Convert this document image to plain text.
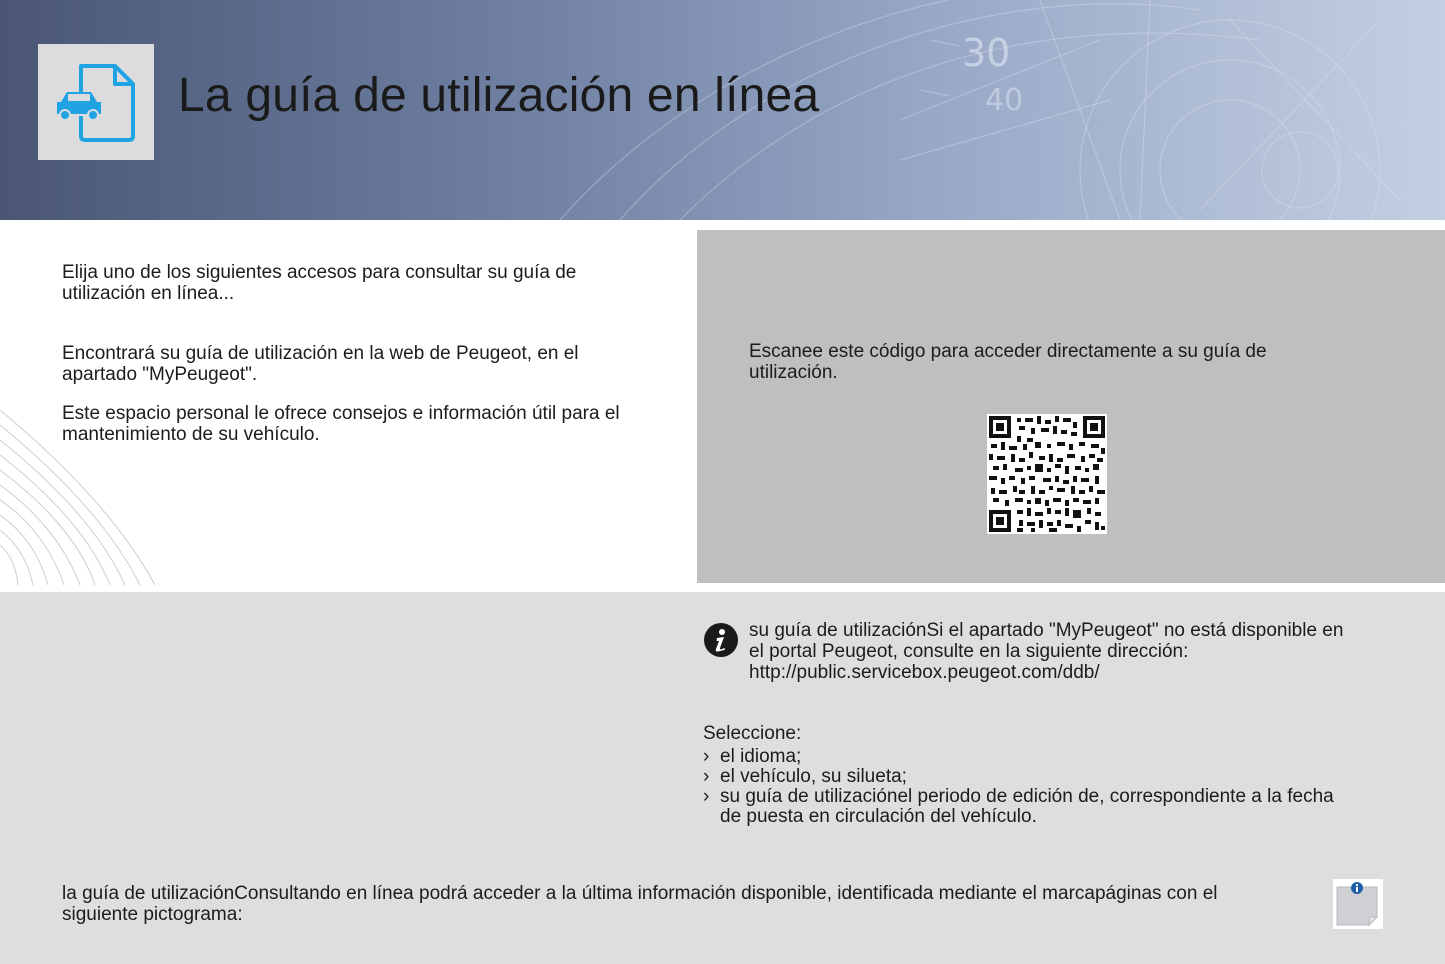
30
40
La guía de utilización en línea
Elija uno de los siguientes accesos para consultar su guía de utilización en línea...
Encontrará su guía de utilización en la web de Peugeot, en el apartado "MyPeugeot".
Este espacio personal le ofrece consejos e información útil para el mantenimiento de su vehículo.
Escanee este código para acceder directamente a su guía de utilización.
su guía de utilizaciónSi el apartado "MyPeugeot" no está disponible en el portal Peugeot, consulte en la siguiente dirección:
http://public.servicebox.peugeot.com/ddb/
Seleccione:
› el idioma;
› el vehículo, su silueta;
› su guía de utilizaciónel periodo de edición de, correspondiente a la fecha de puesta en circulación del vehículo.
la guía de utilizaciónConsultando en línea podrá acceder a la última información disponible, identificada mediante el marcapáginas con el siguiente pictograma:
